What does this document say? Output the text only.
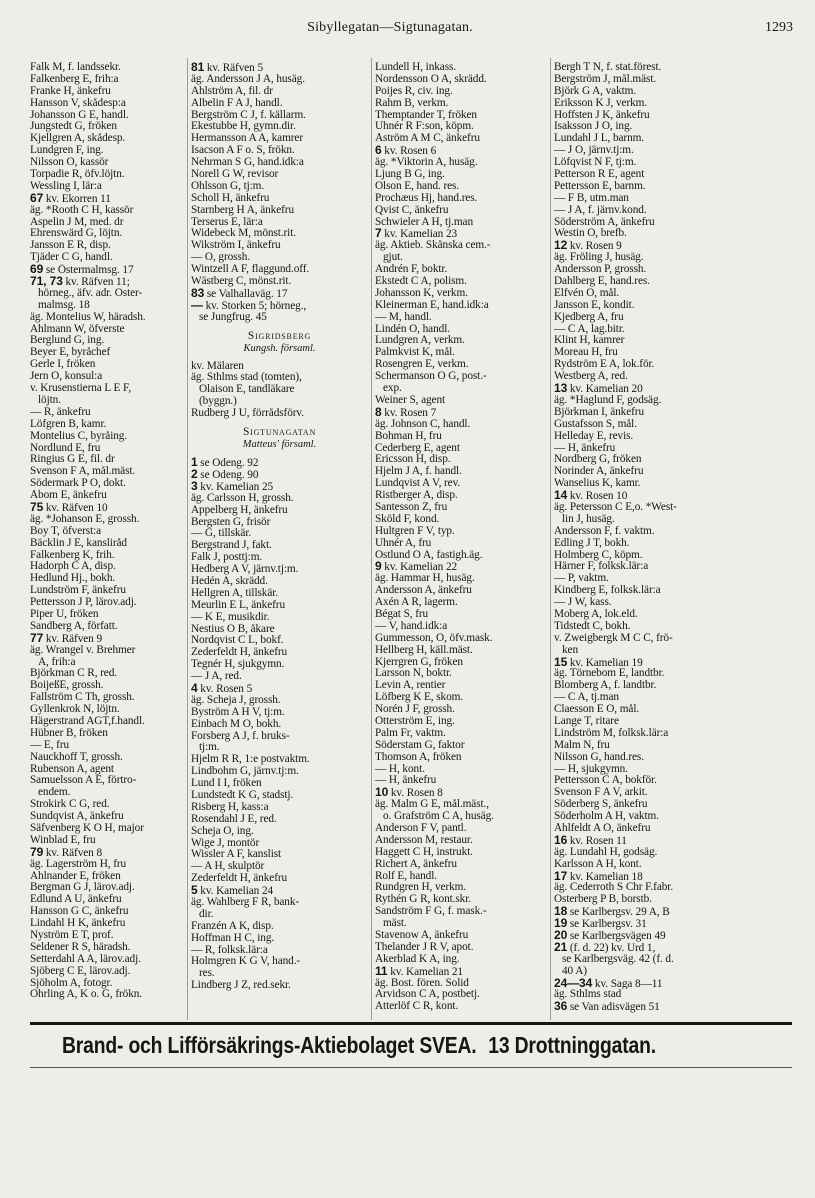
Sibyllegatan—Sigtunagatan.	1293
Falk M, f. landssekr.
Falkenberg E, frih:a
Franke H, änkefru
Hansson V, skådesp:a
Johansson G E, handl.
Jungstedt G, fröken
Kjellgren A, skådesp.
Lundgren F, ing.
Nilsson O, kassör
Torpadie R, öfv.löjtn.
Wessling I, lär:a
67 kv. Ekorren 11
äg. *Rooth C H, kassör
Aspelin J M, med. dr
Ehrenswärd G, löjtn.
Jansson E R, disp.
Tjäder C G, handl.
69 se Östermalmsg. 17
71, 73 kv. Räfven 11;
hörneg., äfv. adr. Öster-
malmsg. 18
äg. Montelius W, häradsh.
Ahlmann W, öfverste
Berglund G, ing.
Beyer E, byråchef
Gerle I, fröken
Jern O, konsul:a
v. Krusenstierna L E F,
löjtn.
— R, änkefru
Löfgren B, kamr.
Montelius C, byråing.
Nordlund E, fru
Ringius G E, fil. dr
Svenson F A, mål.mäst.
Södermark P O, dokt.
Åbom E, änkefru
75 kv. Räfven 10
äg. *Johanson E, grossh.
Boy T, öfverst:a
Bäcklin J E, kansliråd
Falkenberg K, frih.
Hadorph C A, disp.
Hedlund Hj., bokh.
Lundström F, änkefru
Pettersson J P, lärov.adj.
Piper U, fröken
Sandberg A, författ.
77 kv. Räfven 9
äg. Wrangel v. Brehmer
A, frih:a
Björkman C R, red.
BoijeßE, grossh.
Fallström C Th, grossh.
Gyllenkrok N, löjtn.
Hägerstrand AGT,f.handl.
Hübner B, fröken
— E, fru
Nauckhoff T, grossh.
Rubenson A, agent
Samuelsson A E, förtro-
endem.
Strokirk C G, red.
Sundqvist A, änkefru
Säfvenberg K O H, major
Winblad E, fru
79 kv. Räfven 8
äg. Lagerström H, fru
Ahlnander E, fröken
Bergman G J, lärov.adj.
Edlund A U, änkefru
Hansson G C, änkefru
Lindahl H K, änkefru
Nyström E T, prof.
Seldener R S, häradsh.
Setterdahl A A, lärov.adj.
Sjöberg C E, lärov.adj.
Sjöholm A, fotogr.
Öhrling A, K o. G, frökn.
81 kv. Räfven 5
äg. Andersson J A, husäg.
Ahlström A, fil. dr
Albelin F A J, handl.
Bergström C J, f. källarm.
Ekestubbe H, gymn.dir.
Hermansson A A, kamrer
Isacson A F o. S, frökn.
Nehrman S G, hand.idk:a
Norell G W, revisor
Ohlsson G, tj:m.
Scholl H, änkefru
Starnberg H A, änkefru
Terserus E, lär:a
Widebeck M, mönst.rit.
Wikström I, änkefru
— O, grossh.
Wintzell A F, flaggund.off.
Wästberg C, mönst.rit.
83 se Valhallaväg. 17
— kv. Storken 5; hörneg.,
se Jungfrug. 45
Sigridsberg
Kungsh. församl.
kv. Mälaren
äg. Sthlms stad (tomten),
Olaison E, tandläkare
(byggn.)
Rudberg J U, förrådsförv.
Sigtunagatan
Matteus' församl.
1 se Odeng. 92
2 se Odeng. 90
3 kv. Kamelian 25
äg. Carlsson H, grossh.
Appelberg H, änkefru
Bergsten G, frisör
— G, tillskär.
Bergstrand J, fakt.
Falk J, posttj:m.
Hedberg A V, järnv.tj:m.
Hedén A, skrädd.
Hellgren A, tillskär.
Meurlin E L, änkefru
— K E, musikdir.
Nestius O B, åkare
Nordqvist C L, bokf.
Zederfeldt H, änkefru
Tegnér H, sjukgymn.
— J A, red.
4 kv. Rosen 5
äg. Scheja J, grossh.
Byström A H V, tj:m.
Einbach M O, bokh.
Forsberg A J, f. bruks-
tj:m.
Hjelm R R, 1:e postvaktm.
Lindbohm G, järnv.tj:m.
Lund I I, fröken
Lundstedt K G, stadstj.
Risberg H, kass:a
Rosendahl J E, red.
Scheja O, ing.
Wige J, montör
Wissler A F, kanslist
— A H, skulptör
Zederfeldt H, änkefru
5 kv. Kamelian 24
äg. Wahlberg F R, bank-
dir.
Franzén A K, disp.
Hoffman H C, ing.
— R, folksk.lär:a
Holmgren K G V, hand.-
res.
Lindberg J Z, red.sekr.
Lundell H, inkass.
Nordensson O A, skrädd.
Poijes R, civ. ing.
Rahm B, verkm.
Themptander T, fröken
Uhnér R F:son, köpm.
Åström A M C, änkefru
6 kv. Rosen 6
äg. *Viktorin A, husäg.
Ljung B G, ing.
Olson E, hand. res.
Prochæus Hj, hand.res.
Qvist C, änkefru
Schwieler A H, tj.man
7 kv. Kamelian 23
äg. Aktieb. Skånska cem.-
gjut.
Andrén F, boktr.
Ekstedt C A, polism.
Johansson K, verkm.
Kleinerman E, hand.idk:a
— M, handl.
Lindén O, handl.
Lundgren A, verkm.
Palmkvist K, mål.
Rosengren E, verkm.
Schermanson O G, post.-
exp.
Weiner S, agent
8 kv. Rosen 7
äg. Johnson C, handl.
Bohman H, fru
Cederberg E, agent
Ericsson H, disp.
Hjelm J A, f. handl.
Lundqvist A V, rev.
Ristberger A, disp.
Santesson Z, fru
Sköld F, kond.
Hultgren F V, typ.
Uhnér A, fru
Östlund O A, fastigh.äg.
9 kv. Kamelian 22
äg. Hammar H, husäg.
Andersson A, änkefru
Axén A R, lagerm.
Bégat S, fru
— V, hand.idk:a
Gummesson, O, öfv.mask.
Hellberg H, käll.mäst.
Kjerrgren G, fröken
Larsson N, boktr.
Levin A, rentier
Löfberg K E, skom.
Norén J F, grossh.
Otterström E, ing.
Palm Fr, vaktm.
Söderstam G, faktor
Thomson A, fröken
— H, kont.
— H, änkefru
10 kv. Rosen 8
äg. Malm G E, mål.mäst.,
o. Grafström C A, husäg.
Anderson F V, pantl.
Andersson M, restaur.
Haggett C H, instrukt.
Richert A, änkefru
Rolf E, handl.
Rundgren H, verkm.
Rythén G R, kont.skr.
Sandström F G, f. mask.-
mäst.
Stavenow A, änkefru
Thelander J R V, apot.
Åkerblad K A, ing.
11 kv. Kamelian 21
äg. Bost. fören. Solid
Arvidson C A, postbetj.
Atterlöf C R, kont.
Bergh T N, f. stat.förest.
Bergström J, mål.mäst.
Björk G A, vaktm.
Eriksson K J, verkm.
Hoffsten J K, änkefru
Isaksson J O, ing.
Lundahl J L, barnm.
— J O, järnv.tj:m.
Löfqvist N F, tj:m.
Petterson R E, agent
Pettersson E, barnm.
— F B, utm.man
— J A, f. järnv.kond.
Söderström A, änkefru
Westin O, brefb.
12 kv. Rosen 9
äg. Fröling J, husäg.
Andersson P, grossh.
Dahlberg E, hand.res.
Elfvén O, mål.
Jansson E, kondit.
Kjedberg A, fru
— C A, lag.bitr.
Klint H, kamrer
Moreau H, fru
Rydström E A, lok.för.
Westberg A, red.
13 kv. Kamelian 20
äg. *Haglund F, godsäg.
Björkman I, änkefru
Gustafsson S, mål.
Helleday E, revis.
— H, änkefru
Nordberg G, fröken
Norinder A, änkefru
Wanselius K, kamr.
14 kv. Rosen 10
äg. Petersson C E,o. *West-
lin J, husäg.
Andersson F, f. vaktm.
Edling J T, bokh.
Holmberg C, köpm.
Härner F, folksk.lär:a
— P, vaktm.
Kindberg E, folksk.lär:a
— J W, kass.
Moberg A, lok.eld.
Tidstedt C, bokh.
v. Zweigbergk M C C, frö-
ken
15 kv. Kamelian 19
äg. Törnebom E, landtbr.
Blomberg A, f. landtbr.
— C A, tj.man
Claesson E O, mål.
Lange T, ritare
Lindström M, folksk.lär:a
Malm N, fru
Nilsson G, hand.res.
— H, sjukgymn.
Pettersson C A, bokför.
Svenson F A V, arkit.
Söderberg S, änkefru
Söderholm A H, vaktm.
Åhlfeldt A O, änkefru
16 kv. Rosen 11
äg. Lundahl H, godsäg.
Karlsson A H, kont.
17 kv. Kamelian 18
äg. Cederroth S Chr F.fabr.
Osterberg P B, borstb.
18 se Karlbergsv. 29 A, B
19 se Karlbergsv. 31
20 se Karlbergsvägen 49
21 (f. d. 22) kv. Urd 1,
se Karlbergsväg. 42 (f. d.
40 A)
24—34 kv. Saga 8—11
äg. Sthlms stad
36 se Van adisvägen 51
Brand- och Lifförsäkrings-Aktiebolaget SVEA. 13 Drottninggatan.
